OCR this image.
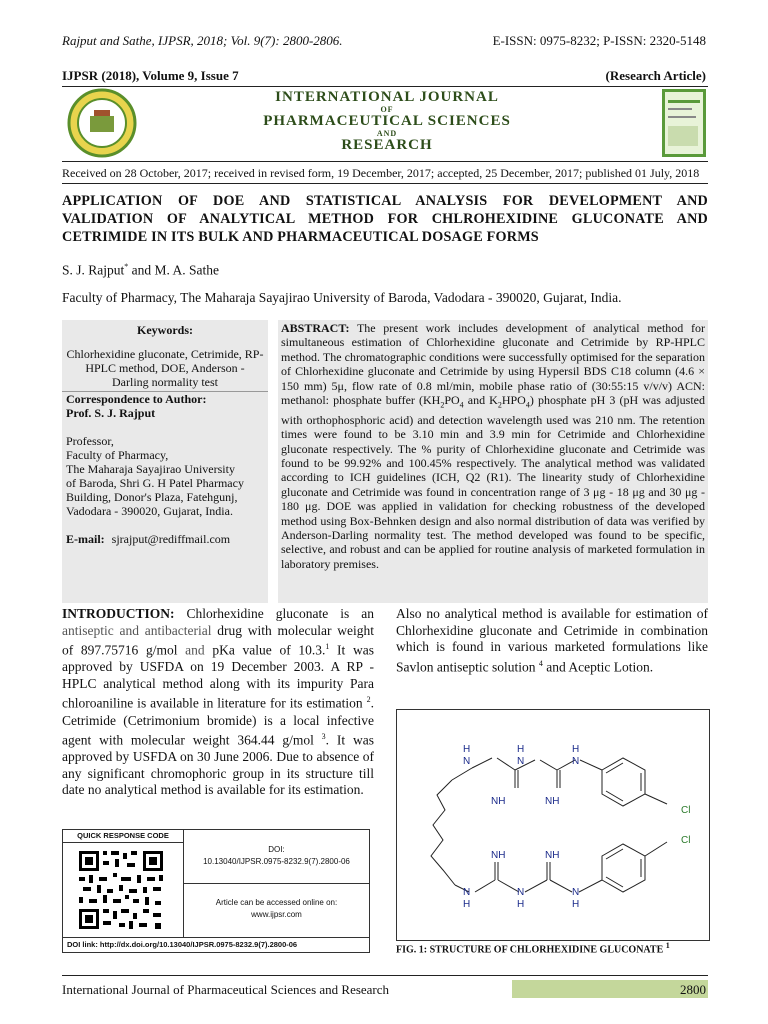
Rajput and Sathe, IJPSR, 2018; Vol. 9(7): 2800-2806.	E-ISSN: 0975-8232; P-ISSN: 2320-5148
IJPSR (2018), Volume 9, Issue 7	(Research Article)
INTERNATIONAL JOURNAL
OF
PHARMACEUTICAL SCIENCES
AND
RESEARCH
Received on 28 October, 2017; received in revised form, 19 December, 2017; accepted, 25 December, 2017; published 01 July, 2018
APPLICATION OF DOE AND STATISTICAL ANALYSIS FOR DEVELOPMENT AND VALIDATION OF ANALYTICAL METHOD FOR CHLROHEXIDINE GLUCONATE AND CETRIMIDE IN ITS BULK AND PHARMACEUTICAL DOSAGE FORMS
S. J. Rajput* and M. A. Sathe
Faculty of Pharmacy, The Maharaja Sayajirao University of Baroda, Vadodara - 390020, Gujarat, India.
Keywords:
Chlorhexidine gluconate, Cetrimide, RP-HPLC method, DOE, Anderson - Darling normality test
Correspondence to Author:
Prof. S. J. Rajput
Professor,
Faculty of Pharmacy,
The Maharaja Sayajirao University
of Baroda, Shri G. H Patel Pharmacy
Building, Donor's Plaza, Fatehgunj,
Vadodara - 390020, Gujarat, India.
E-mail: sjrajput@rediffmail.com
ABSTRACT: The present work includes development of analytical method for simultaneous estimation of Chlorhexidine gluconate and Cetrimide by RP-HPLC method. The chromatographic conditions were successfully optimised for the separation of Chlorhexidine gluconate and Cetrimide by using Hypersil BDS C18 column (4.6 × 150 mm) 5μ, flow rate of 0.8 ml/min, mobile phase ratio of (30:55:15 v/v/v) ACN: methanol: phosphate buffer ($KH_2PO_4$ and $K_2HPO_4$) phosphate pH 3 (pH was adjusted with orthophosphoric acid) and detection wavelength used was 210 nm. The retention times were found to be 3.10 min and 3.9 min for Cetrimide and Chlorhexidine gluconate respectively. The % purity of Chlorhexidine gluconate and Cetrimide was found to be 99.92% and 100.45% respectively. The analytical method was validated according to ICH guidelines (ICH, Q2 (R1). The linearity study of Chlorhexidine gluconate and Cetrimide was found in concentration range of 3 μg - 18 μg and 30 μg - 180 μg. DOE was applied in validation for checking robustness of the developed method using Box-Behnken design and also normal distribution of data was verified by Anderson-Darling normality test. The method developed was found to be specific, selective, and robust and can be applied for routine analysis of marketed formulation in laboratory premises.
INTRODUCTION: Chlorhexidine gluconate is an antiseptic and antibacterial drug with molecular weight of 897.75716 g/mol and pKa value of 10.3.$^1$ It was approved by USFDA on 19 December 2003. A RP - HPLC analytical method along with its impurity Para chloroaniline is available in literature for its estimation $^2$. Cetrimide (Cetrimonium bromide) is a local infective agent with molecular weight 364.44 g/mol $^3$. It was approved by USFDA on 30 June 2006. Due to absence of any significant chromophoric group in its structure till date no analytical method is available for its estimation.
Also no analytical method is available for estimation of Chlorhexidine gluconate and Cetrimide in combination which is found in various marketed formulations like Savlon antiseptic solution $^4$ and Aceptic Lotion.
QUICK RESPONSE CODE
DOI:
10.13040/IJPSR.0975-8232.9(7).2800-06
Article can be accessed online on:
www.ijpsr.com
DOI link: http://dx.doi.org/10.13040/IJPSR.0975-8232.9(7).2800-06
H
N
H
N
H
N
NH	NH
Cl
NH	NH
Cl
N
H
N
H
N
H
FIG. 1: STRUCTURE OF CHLORHEXIDINE GLUCONATE $^1$
International Journal of Pharmaceutical Sciences and Research	2800
